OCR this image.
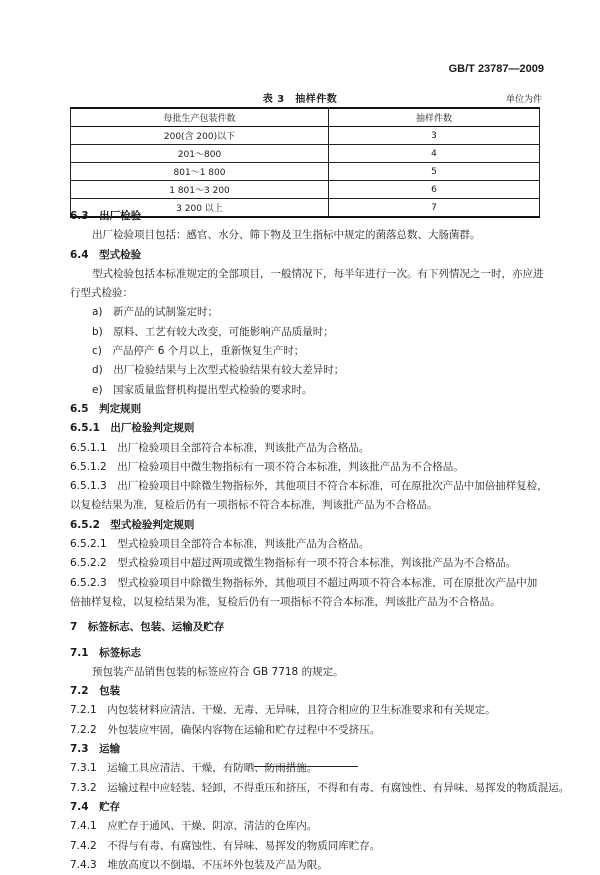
GB/T 23787—2009
表 3　抽样件数	单位为件
每批生产包装件数	抽样件数
200(含 200)以下	3
201～800	4
801～1 800	5
1 801～3 200	6
3 200 以上	7
6.3　出厂检验
出厂检验项目包括：感官、水分、筛下物及卫生指标中规定的菌落总数、大肠菌群。
6.4　型式检验
型式检验包括本标准规定的全部项目，一般情况下，每半年进行一次。有下列情况之一时，亦应进
行型式检验：
a)　新产品的试制鉴定时；
b)　原料、工艺有较大改变，可能影响产品质量时；
c)　产品停产 6 个月以上，重新恢复生产时；
d)　出厂检验结果与上次型式检验结果有较大差异时；
e)　国家质量监督机构提出型式检验的要求时。
6.5　判定规则
6.5.1　出厂检验判定规则
6.5.1.1　出厂检验项目全部符合本标准，判该批产品为合格品。
6.5.1.2　出厂检验项目中微生物指标有一项不符合本标准，判该批产品为不合格品。
6.5.1.3　出厂检验项目中除微生物指标外，其他项目不符合本标准，可在原批次产品中加倍抽样复检，
以复检结果为准，复检后仍有一项指标不符合本标准，判该批产品为不合格品。
6.5.2　型式检验判定规则
6.5.2.1　型式检验项目全部符合本标准，判该批产品为合格品。
6.5.2.2　型式检验项目中超过两项或微生物指标有一项不符合本标准，判该批产品为不合格品。
6.5.2.3　型式检验项目中除微生物指标外，其他项目不超过两项不符合本标准，可在原批次产品中加
倍抽样复检，以复检结果为准，复检后仍有一项指标不符合本标准，判该批产品为不合格品。
7　标签标志、包装、运输及贮存
7.1　标签标志
预包装产品销售包装的标签应符合 GB 7718 的规定。
7.2　包装
7.2.1　内包装材料应清洁、干燥、无毒、无异味，且符合相应的卫生标准要求和有关规定。
7.2.2　外包装应牢固，确保内容物在运输和贮存过程中不受挤压。
7.3　运输
7.3.1　运输工具应清洁、干燥，有防晒、防雨措施。
7.3.2　运输过程中应轻装、轻卸，不得重压和挤压，不得和有毒、有腐蚀性、有异味、易挥发的物质混运。
7.4　贮存
7.4.1　应贮存于通风、干燥、阴凉、清洁的仓库内。
7.4.2　不得与有毒、有腐蚀性、有异味、易挥发的物质同库贮存。
7.4.3　堆放高度以不倒塌、不压坏外包装及产品为限。
